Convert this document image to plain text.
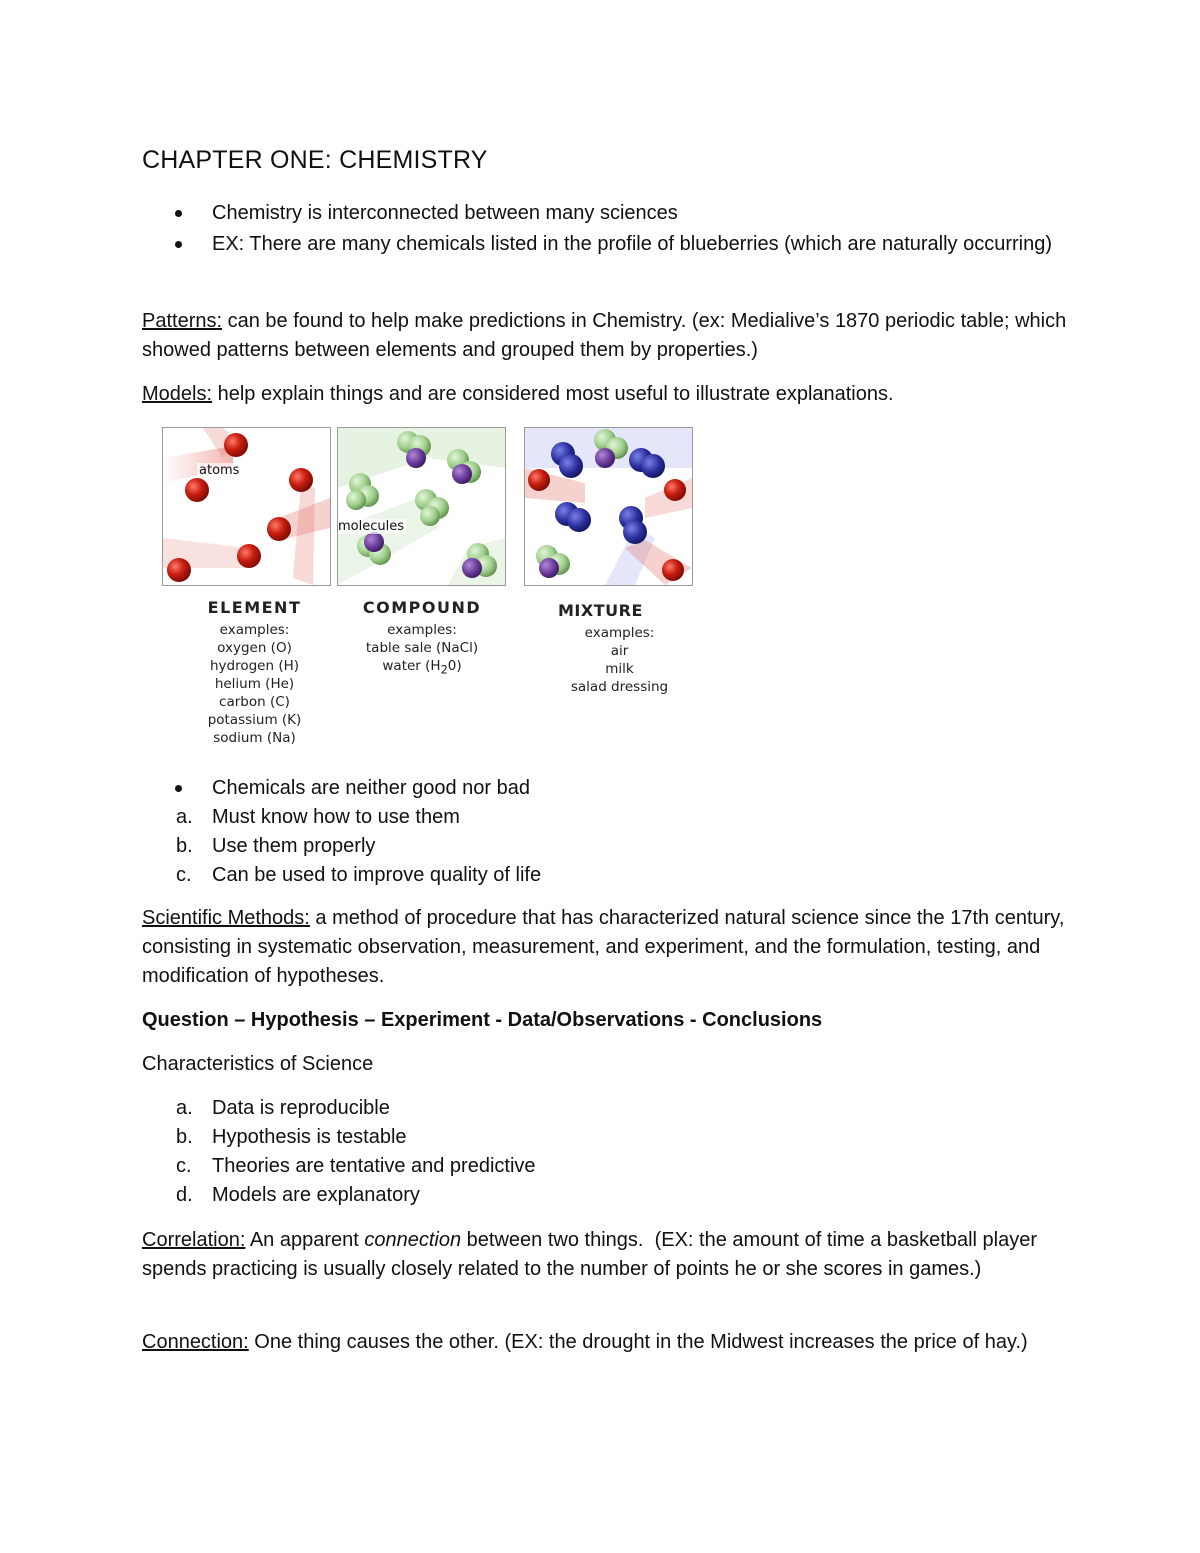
CHAPTER ONE: CHEMISTRY
Chemistry is interconnected between many sciences
EX: There are many chemicals listed in the profile of blueberries (which are naturally occurring)

Patterns: can be found to help make predictions in Chemistry. (ex: Medialive’s 1870 periodic table; which showed patterns between elements and grouped them by properties.)

Models: help explain things and are considered most useful to illustrate explanations.

atoms
molecules
ELEMENT
examples:
oxygen (O)
hydrogen (H)
helium (He)
carbon (C)
potassium (K)
sodium (Na)
COMPOUND
examples:
table sale (NaCl)
water $(H_20)$
MIXTURE
examples:
air
milk
salad dressing
Chemicals are neither good nor bad
a. Must know how to use them
b. Use them properly
c. Can be used to improve quality of life

Scientific Methods: a method of procedure that has characterized natural science since the 17th century, consisting in systematic observation, measurement, and experiment, and the formulation, testing, and modification of hypotheses.

Question – Hypothesis – Experiment - Data/Observations - Conclusions

Characteristics of Science

a. Data is reproducible
b. Hypothesis is testable
c. Theories are tentative and predictive
d. Models are explanatory

Correlation: An apparent connection between two things.  (EX: the amount of time a basketball player spends practicing is usually closely related to the number of points he or she scores in games.)

Connection: One thing causes the other. (EX: the drought in the Midwest increases the price of hay.)
